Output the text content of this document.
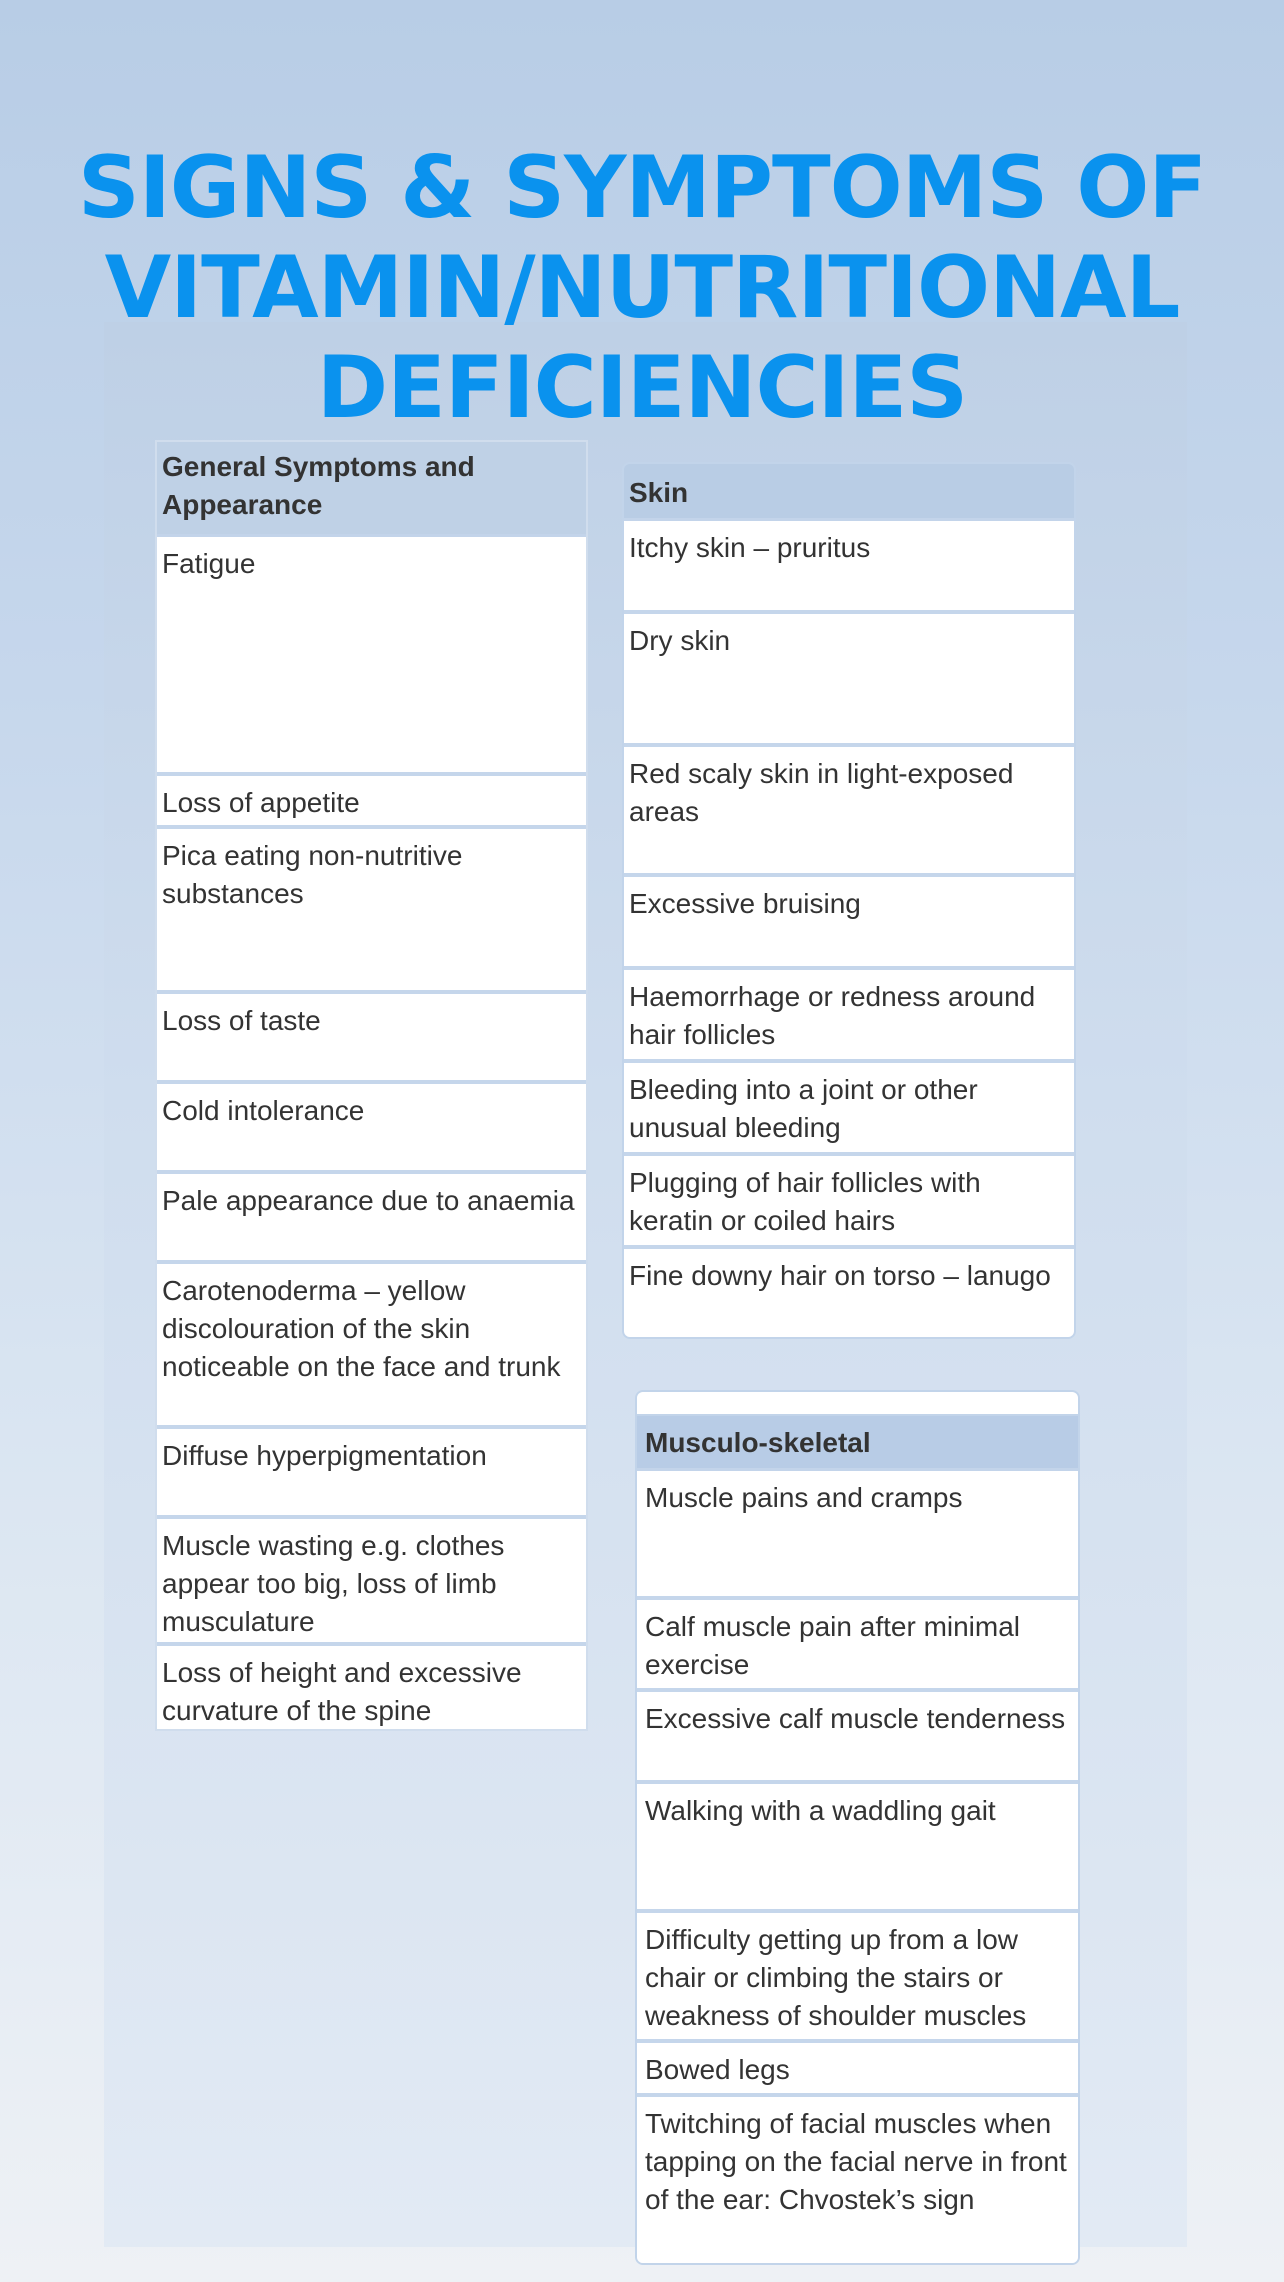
SIGNS & SYMPTOMS OF
VITAMIN/NUTRITIONAL
DEFICIENCIES
General Symptoms and Appearance
Fatigue
Loss of appetite
Pica eating non-nutritive substances
Loss of taste
Cold intolerance
Pale appearance due to anaemia
Carotenoderma – yellow discolouration of the skin noticeable on the face and trunk
Diffuse hyperpigmentation
Muscle wasting e.g. clothes appear too big, loss of limb musculature
Loss of height and excessive curvature of the spine
Skin
Itchy skin – pruritus
Dry skin
Red scaly skin in light-exposed areas
Excessive bruising
Haemorrhage or redness around hair follicles
Bleeding into a joint or other unusual bleeding
Plugging of hair follicles with keratin or coiled hairs
Fine downy hair on torso – lanugo
Musculo-skeletal
Muscle pains and cramps
Calf muscle pain after minimal exercise
Excessive calf muscle tenderness
Walking with a waddling gait
Difficulty getting up from a low chair or climbing the stairs or weakness of shoulder muscles
Bowed legs
Twitching of facial muscles when tapping on the facial nerve in front of the ear: Chvostek’s sign
